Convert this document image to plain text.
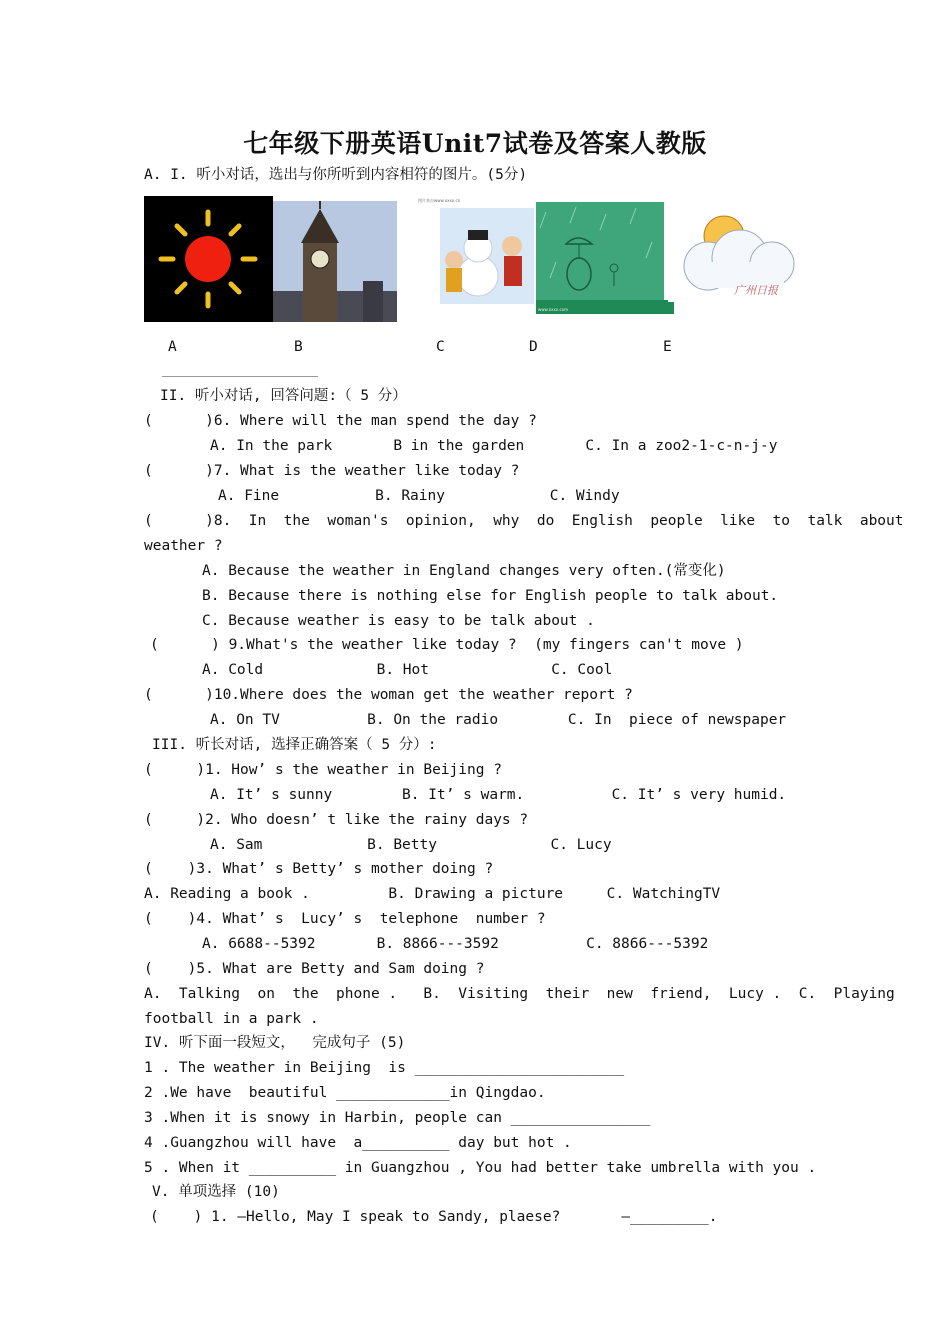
七年级下册英语Unit7试卷及答案人教版
图片来自www.xxxx.cn
www.xxxx.com
广州日报
A. I. 听小对话，选出与你所听到内容相符的图片。(5分)
A	B	C	D	E
II. 听小对话, 回答问题:（ 5 分）
(      )6. Where will the man spend the day ?
A. In the park       B in the garden       C. In a zoo2-1-c-n-j-y
(      )7. What is the weather like today ?
A. Fine           B. Rainy            C. Windy
(      )8.  In  the  woman's  opinion,  why  do  English  people  like  to  talk  about
weather ?
A. Because the weather in England changes very often.(常变化)
B. Because there is nothing else for English people to talk about.
C. Because weather is easy to be talk about .
(      ) 9.What's the weather like today ?  (my fingers can't move )
A. Cold             B. Hot              C. Cool
(      )10.Where does the woman get the weather report ?
A. On TV          B. On the radio        C. In  piece of newspaper
III. 听长对话, 选择正确答案（ 5 分）:
(     )1. How’ s the weather in Beijing ?
A. It’ s sunny        B. It’ s warm.          C. It’ s very humid.
(     )2. Who doesn’ t like the rainy days ?
A. Sam            B. Betty             C. Lucy
(    )3. What’ s Betty’ s mother doing ?
A. Reading a book .         B. Drawing a picture     C. WatchingTV
(    )4. What’ s  Lucy’ s  telephone  number ?
A. 6688--5392       B. 8866---3592          C. 8866---5392
(    )5. What are Betty and Sam doing ?
A.  Talking  on  the  phone .   B.  Visiting  their  new  friend,  Lucy .  C.  Playing
football in a park .
IV. 听下面一段短文，  完成句子 (5)
1 . The weather in Beijing  is ________________________
2 .We have  beautiful _____________in Qingdao.
3 .When it is snowy in Harbin, people can ________________
4 .Guangzhou will have  a__________ day but hot .
5 . When it __________ in Guangzhou , You had better take umbrella with you .
V. 单项选择 (10)
(    ) 1. —Hello, May I speak to Sandy, plaese?       —_________.
